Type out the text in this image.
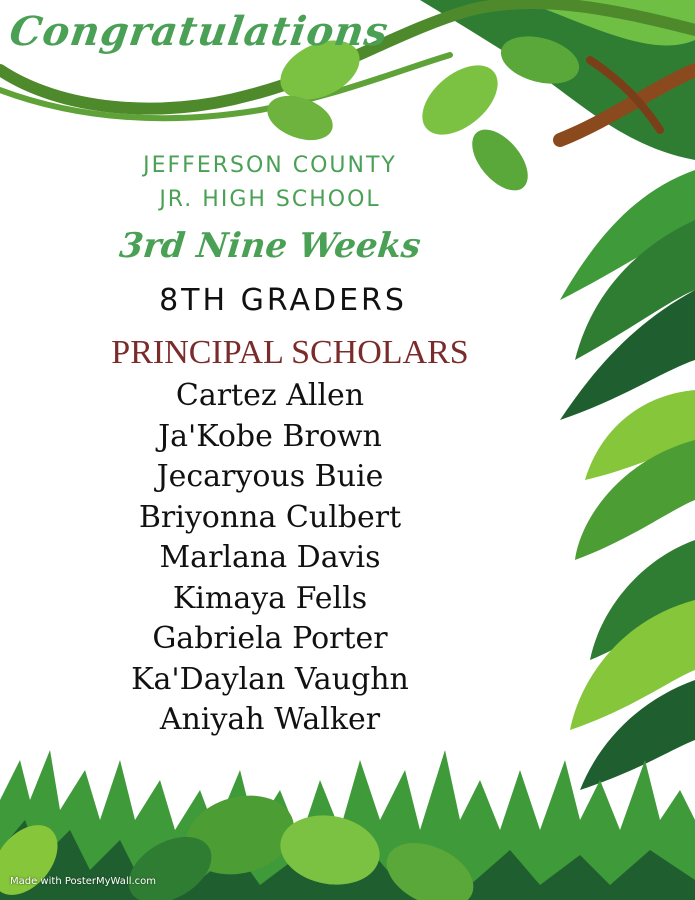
Congratulations
JEFFERSON COUNTY
JR. HIGH SCHOOL
3rd Nine Weeks
8TH GRADERS
PRINCIPAL SCHOLARS
Cartez Allen
Ja'Kobe Brown
Jecaryous Buie
Briyonna Culbert
Marlana Davis
Kimaya Fells
Gabriela Porter
Ka'Daylan Vaughn
Aniyah Walker
Made with PosterMyWall.com
